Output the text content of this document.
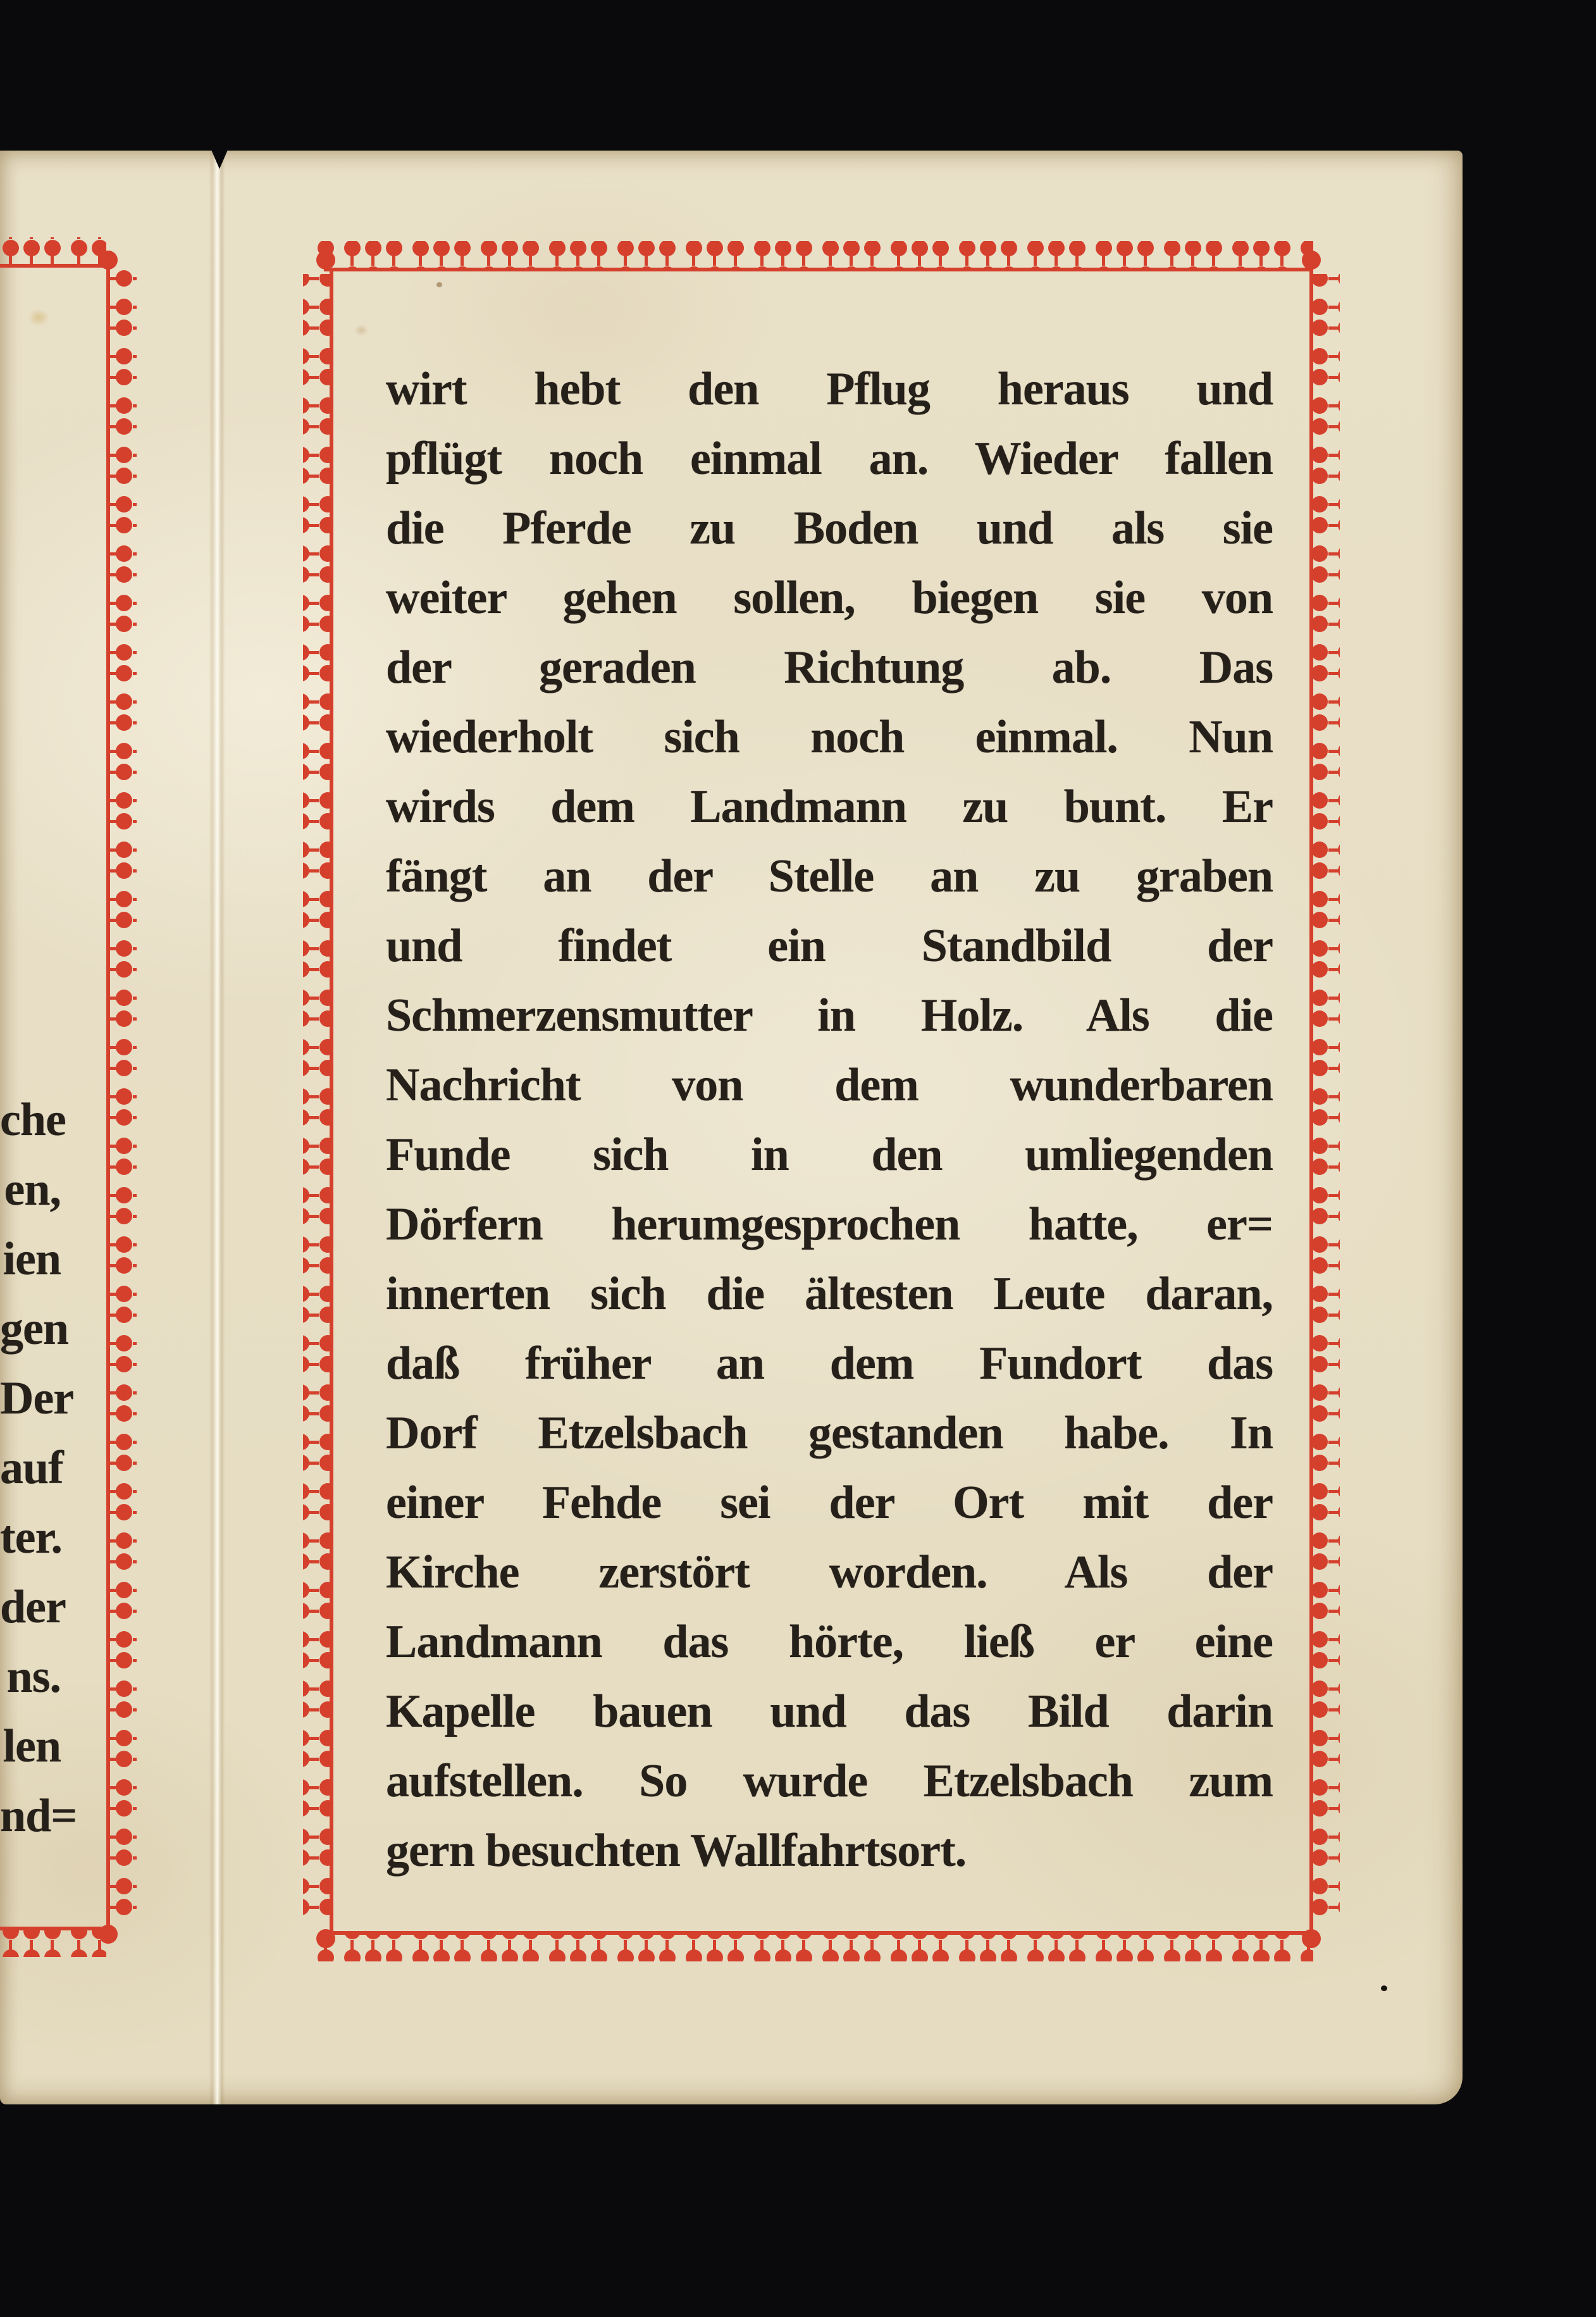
che
en,
ien
gen
Der
auf
ter.
der
ns.
len
nd=
wirt hebt den Pflug heraus und
pflügt noch einmal an. Wieder fallen
die Pferde zu Boden und als sie
weiter gehen sollen, biegen sie von
der geraden Richtung ab. Das
wiederholt sich noch einmal. Nun
wirds dem Landmann zu bunt. Er
fängt an der Stelle an zu graben
und findet ein Standbild der
Schmerzensmutter in Holz. Als die
Nachricht von dem wunderbaren
Funde sich in den umliegenden
Dörfern herumgesprochen hatte, er=
innerten sich die ältesten Leute daran,
daß früher an dem Fundort das
Dorf Etzelsbach gestanden habe. In
einer Fehde sei der Ort mit der
Kirche zerstört worden. Als der
Landmann das hörte, ließ er eine
Kapelle bauen und das Bild darin
aufstellen. So wurde Etzelsbach zum
gern besuchten Wallfahrtsort.
